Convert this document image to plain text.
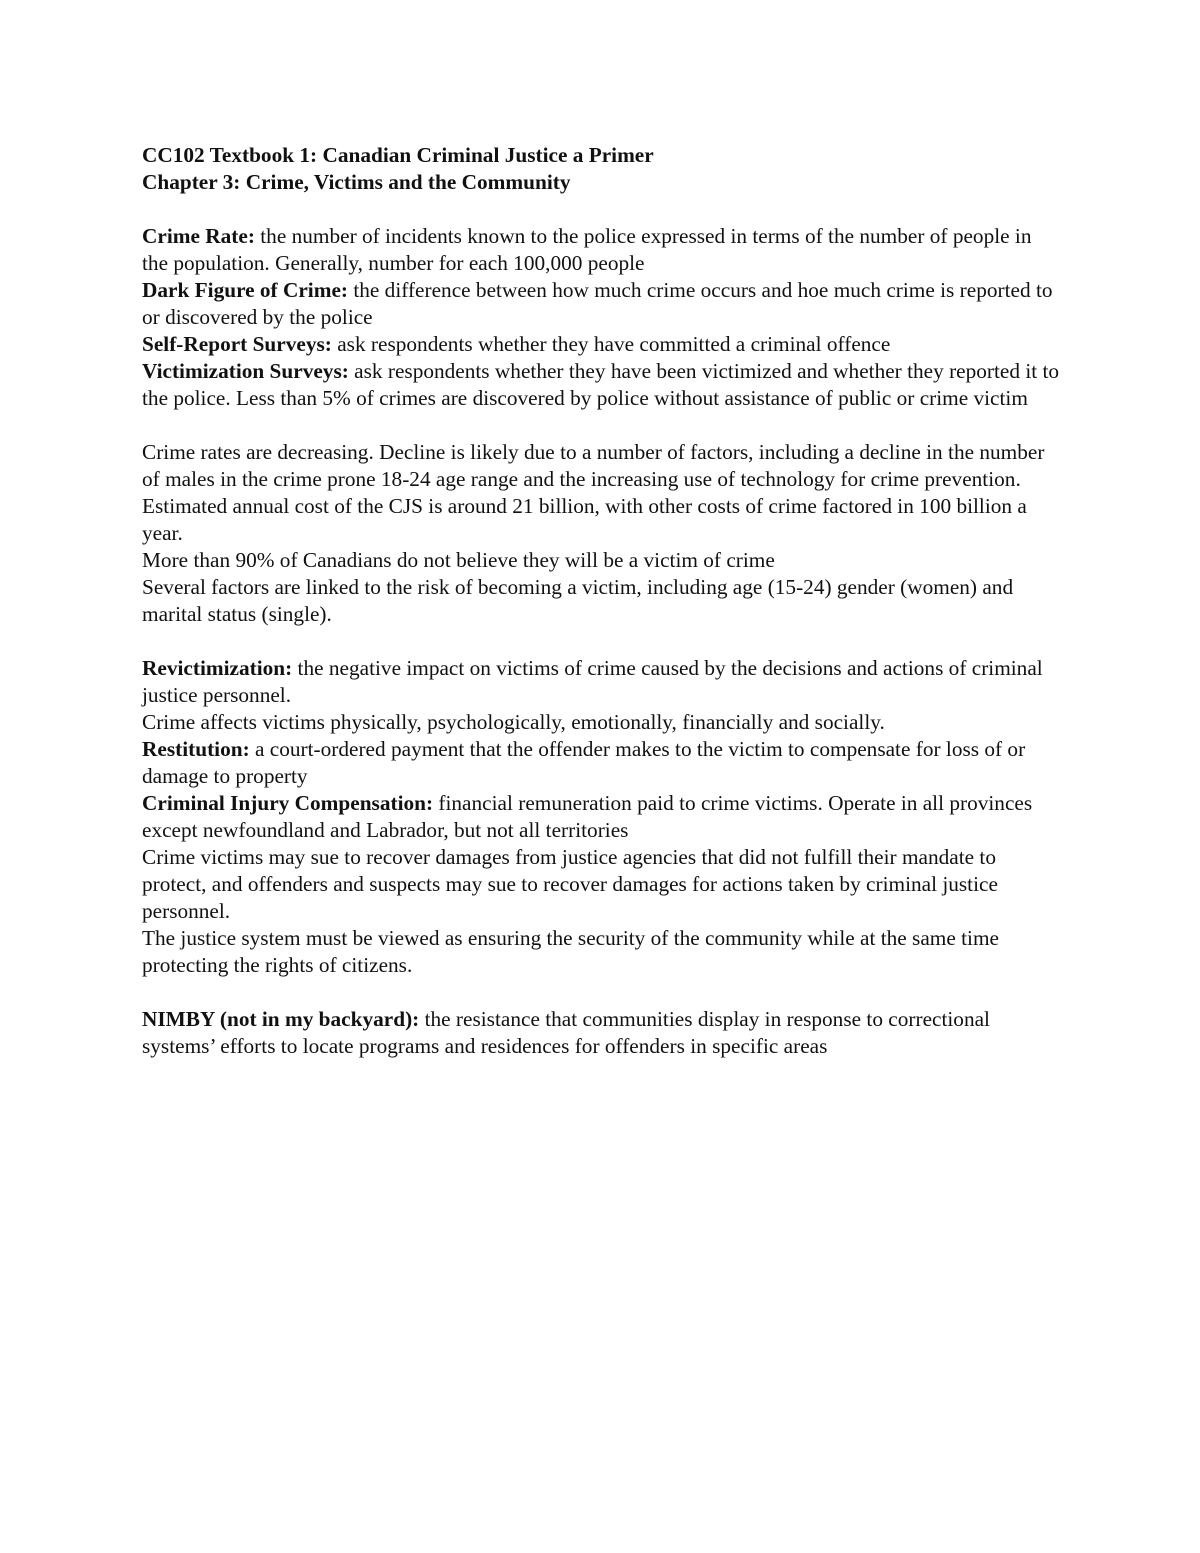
CC102 Textbook 1: Canadian Criminal Justice a Primer

Chapter 3: Crime, Victims and the Community

Crime Rate: the number of incidents known to the police expressed in terms of the number of people in the population. Generally, number for each 100,000 people

Dark Figure of Crime: the difference between how much crime occurs and hoe much crime is reported to or discovered by the police

Self-Report Surveys: ask respondents whether they have committed a criminal offence

Victimization Surveys: ask respondents whether they have been victimized and whether they reported it to the police. Less than 5% of crimes are discovered by police without assistance of public or crime victim

Crime rates are decreasing. Decline is likely due to a number of factors, including a decline in the number of males in the crime prone 18-24 age range and the increasing use of technology for crime prevention.

Estimated annual cost of the CJS is around 21 billion, with other costs of crime factored in 100 billion a year.

More than 90% of Canadians do not believe they will be a victim of crime

Several factors are linked to the risk of becoming a victim, including age (15-24) gender (women) and marital status (single).

Revictimization: the negative impact on victims of crime caused by the decisions and actions of criminal justice personnel.

Crime affects victims physically, psychologically, emotionally, financially and socially.

Restitution: a court-ordered payment that the offender makes to the victim to compensate for loss of or damage to property

Criminal Injury Compensation: financial remuneration paid to crime victims. Operate in all provinces except newfoundland and Labrador, but not all territories

Crime victims may sue to recover damages from justice agencies that did not fulfill their mandate to protect, and offenders and suspects may sue to recover damages for actions taken by criminal justice personnel.

The justice system must be viewed as ensuring the security of the community while at the same time protecting the rights of citizens.

NIMBY (not in my backyard): the resistance that communities display in response to correctional systems’ efforts to locate programs and residences for offenders in specific areas
